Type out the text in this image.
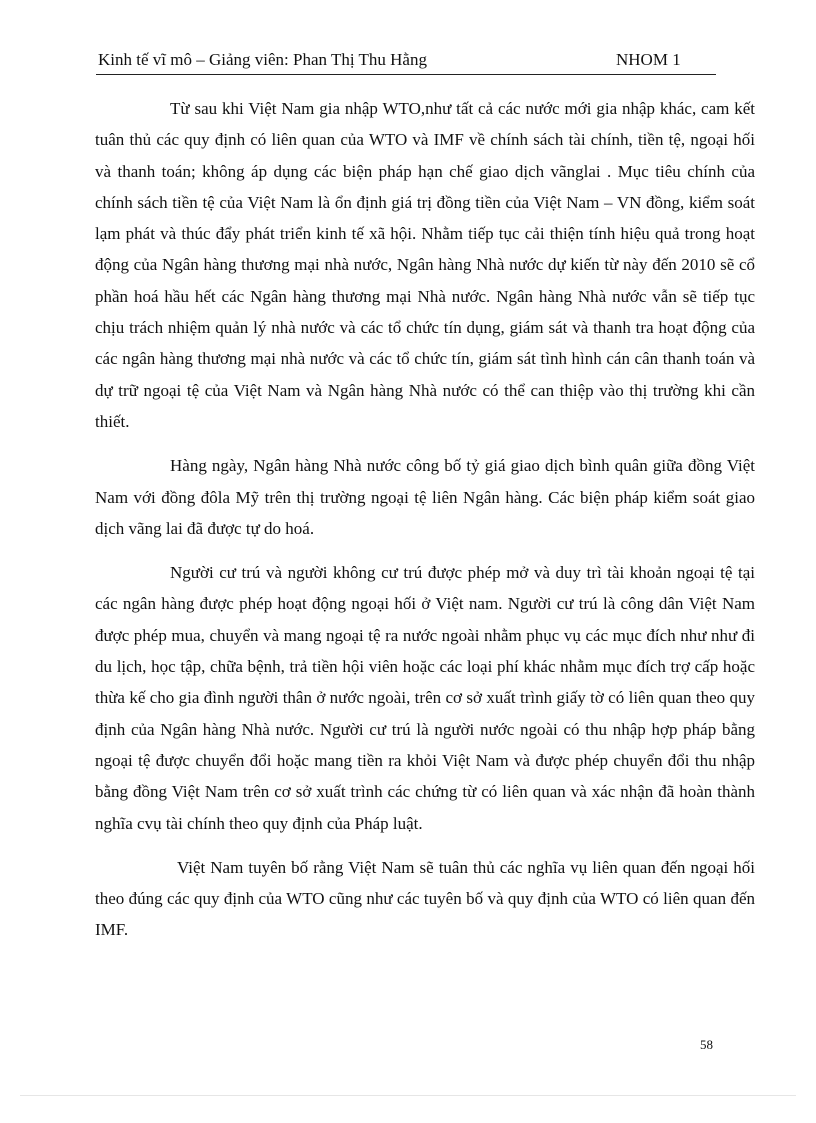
Kinh tế vĩ mô – Giảng viên: Phan Thị Thu Hằng	NHOM 1

Từ sau khi Việt Nam gia nhập WTO,như tất cả các nước mới gia nhập khác, cam kết tuân thủ các quy định có liên quan của WTO và IMF về chính sách tài chính, tiền tệ, ngoại hối và thanh toán; không áp dụng các biện pháp hạn chế giao dịch vãnglai . Mục tiêu chính của chính sách tiền tệ của Việt Nam là ổn định giá trị đồng tiền của Việt Nam – VN đồng, kiểm soát lạm phát và thúc đẩy phát triển kinh tế xã hội. Nhằm tiếp tục cải thiện tính hiệu quả trong hoạt động của Ngân hàng thương mại nhà nước, Ngân hàng Nhà nước dự kiến từ này đến 2010 sẽ cổ phần hoá hầu hết các Ngân hàng thương mại Nhà nước. Ngân hàng Nhà nước vẫn sẽ tiếp tục chịu trách nhiệm quản lý nhà nước và các tổ chức tín dụng, giám sát và thanh tra hoạt động của các ngân hàng thương mại nhà nước và các tổ chức tín, giám sát tình hình cán cân thanh toán và dự trữ ngoại tệ của Việt Nam và Ngân hàng Nhà nước có thể can thiệp vào thị trường khi cần thiết.

Hàng ngày, Ngân hàng Nhà nước công bố tỷ giá giao dịch bình quân giữa đồng Việt Nam với đồng đôla Mỹ trên thị trường ngoại tệ liên Ngân hàng. Các biện pháp kiểm soát giao dịch vãng lai đã được tự do hoá.

Người cư trú và người không cư trú được phép mở và duy trì tài khoản ngoại tệ tại các ngân hàng được phép hoạt động ngoại hối ở Việt nam. Người cư trú là công dân Việt Nam được phép mua, chuyển và mang ngoại tệ ra nước ngoài nhằm phục vụ các mục đích như như đi du lịch, học tập, chữa bệnh, trả tiền hội viên hoặc các loại phí khác nhằm mục đích trợ cấp hoặc thừa kế cho gia đình người thân ở nước ngoài, trên cơ sở xuất trình giấy tờ có liên quan theo quy định của Ngân hàng Nhà nước. Người cư trú là người nước ngoài có thu nhập hợp pháp bằng ngoại tệ được chuyển đổi hoặc mang tiền ra khỏi Việt Nam và được phép chuyển đổi thu nhập bằng đồng Việt Nam trên cơ sở xuất trình các chứng từ có liên quan và xác nhận đã hoàn thành nghĩa cvụ tài chính theo quy định của Pháp luật.

Việt Nam tuyên bố rằng Việt Nam sẽ tuân thủ các nghĩa vụ liên quan đến ngoại hối theo đúng các quy định của WTO cũng như các tuyên bố và quy định của WTO có liên quan đến IMF.

58
